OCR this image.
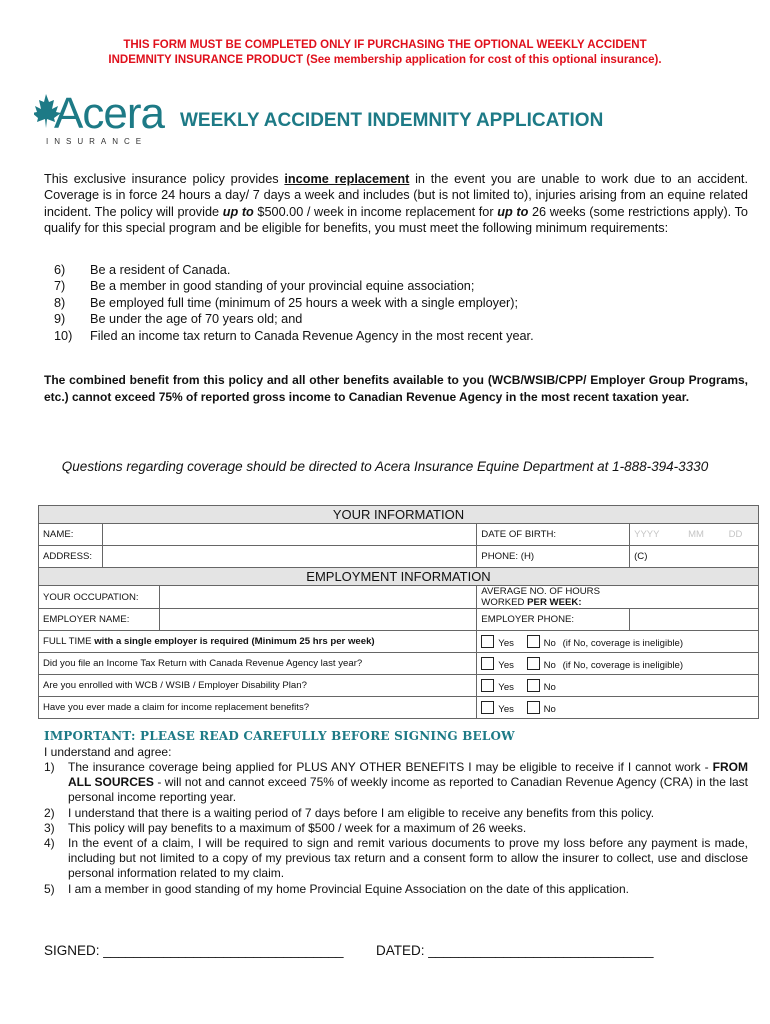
THIS FORM MUST BE COMPLETED ONLY IF PURCHASING THE OPTIONAL WEEKLY ACCIDENT
INDEMNITY INSURANCE PRODUCT (See membership application for cost of this optional insurance).
Acera
INSURANCE
WEEKLY ACCIDENT INDEMNITY APPLICATION
This exclusive insurance policy provides income replacement in the event you are unable to work due to an accident. Coverage is in force 24 hours a day/ 7 days a week and includes (but is not limited to), injuries arising from an equine related incident. The policy will provide up to $500.00 / week in income replacement for up to 26 weeks (some restrictions apply). To qualify for this special program and be eligible for benefits, you must meet the following minimum requirements:
6) Be a resident of Canada.
7) Be a member in good standing of your provincial equine association;
8) Be employed full time (minimum of 25 hours a week with a single employer);
9) Be under the age of 70 years old; and
10) Filed an income tax return to Canada Revenue Agency in the most recent year.
The combined benefit from this policy and all other benefits available to you (WCB/WSIB/CPP/ Employer Group Programs, etc.) cannot exceed 75% of reported gross income to Canadian Revenue Agency in the most recent taxation year.
Questions regarding coverage should be directed to Acera Insurance Equine Department at 1-888-394-3330
YOUR INFORMATION				
NAME:			DATE OF BIRTH:	YYYY MM DD
ADDRESS:			PHONE: (H)	(C)
EMPLOYMENT INFORMATION				
YOUR OCCUPATION:			AVERAGE NO. OF HOURS WORKED PER WEEK:	
EMPLOYER NAME:			EMPLOYER PHONE:	
FULL TIME with a single employer is required (Minimum 25 hrs per week)			Yes No (if No, coverage is ineligible)	
Did you file an Income Tax Return with Canada Revenue Agency last year?			Yes No (if No, coverage is ineligible)	
Are you enrolled with WCB / WSIB / Employer Disability Plan?			Yes No	
Have you ever made a claim for income replacement benefits?			Yes No	
IMPORTANT: PLEASE READ CAREFULLY BEFORE SIGNING BELOW
I understand and agree:
1) The insurance coverage being applied for PLUS ANY OTHER BENEFITS I may be eligible to receive if I cannot work - FROM ALL SOURCES - will not and cannot exceed 75% of weekly income as reported to Canadian Revenue Agency (CRA) in the last personal income reporting year.
2) I understand that there is a waiting period of 7 days before I am eligible to receive any benefits from this policy.
3) This policy will pay benefits to a maximum of $500 / week for a maximum of 26 weeks.
4) In the event of a claim, I will be required to sign and remit various documents to prove my loss before any payment is made, including but not limited to a copy of my previous tax return and a consent form to allow the insurer to collect, use and disclose personal information related to my claim.
5) I am a member in good standing of my home Provincial Equine Association on the date of this application.
SIGNED: ________________________________ DATED: ______________________________
